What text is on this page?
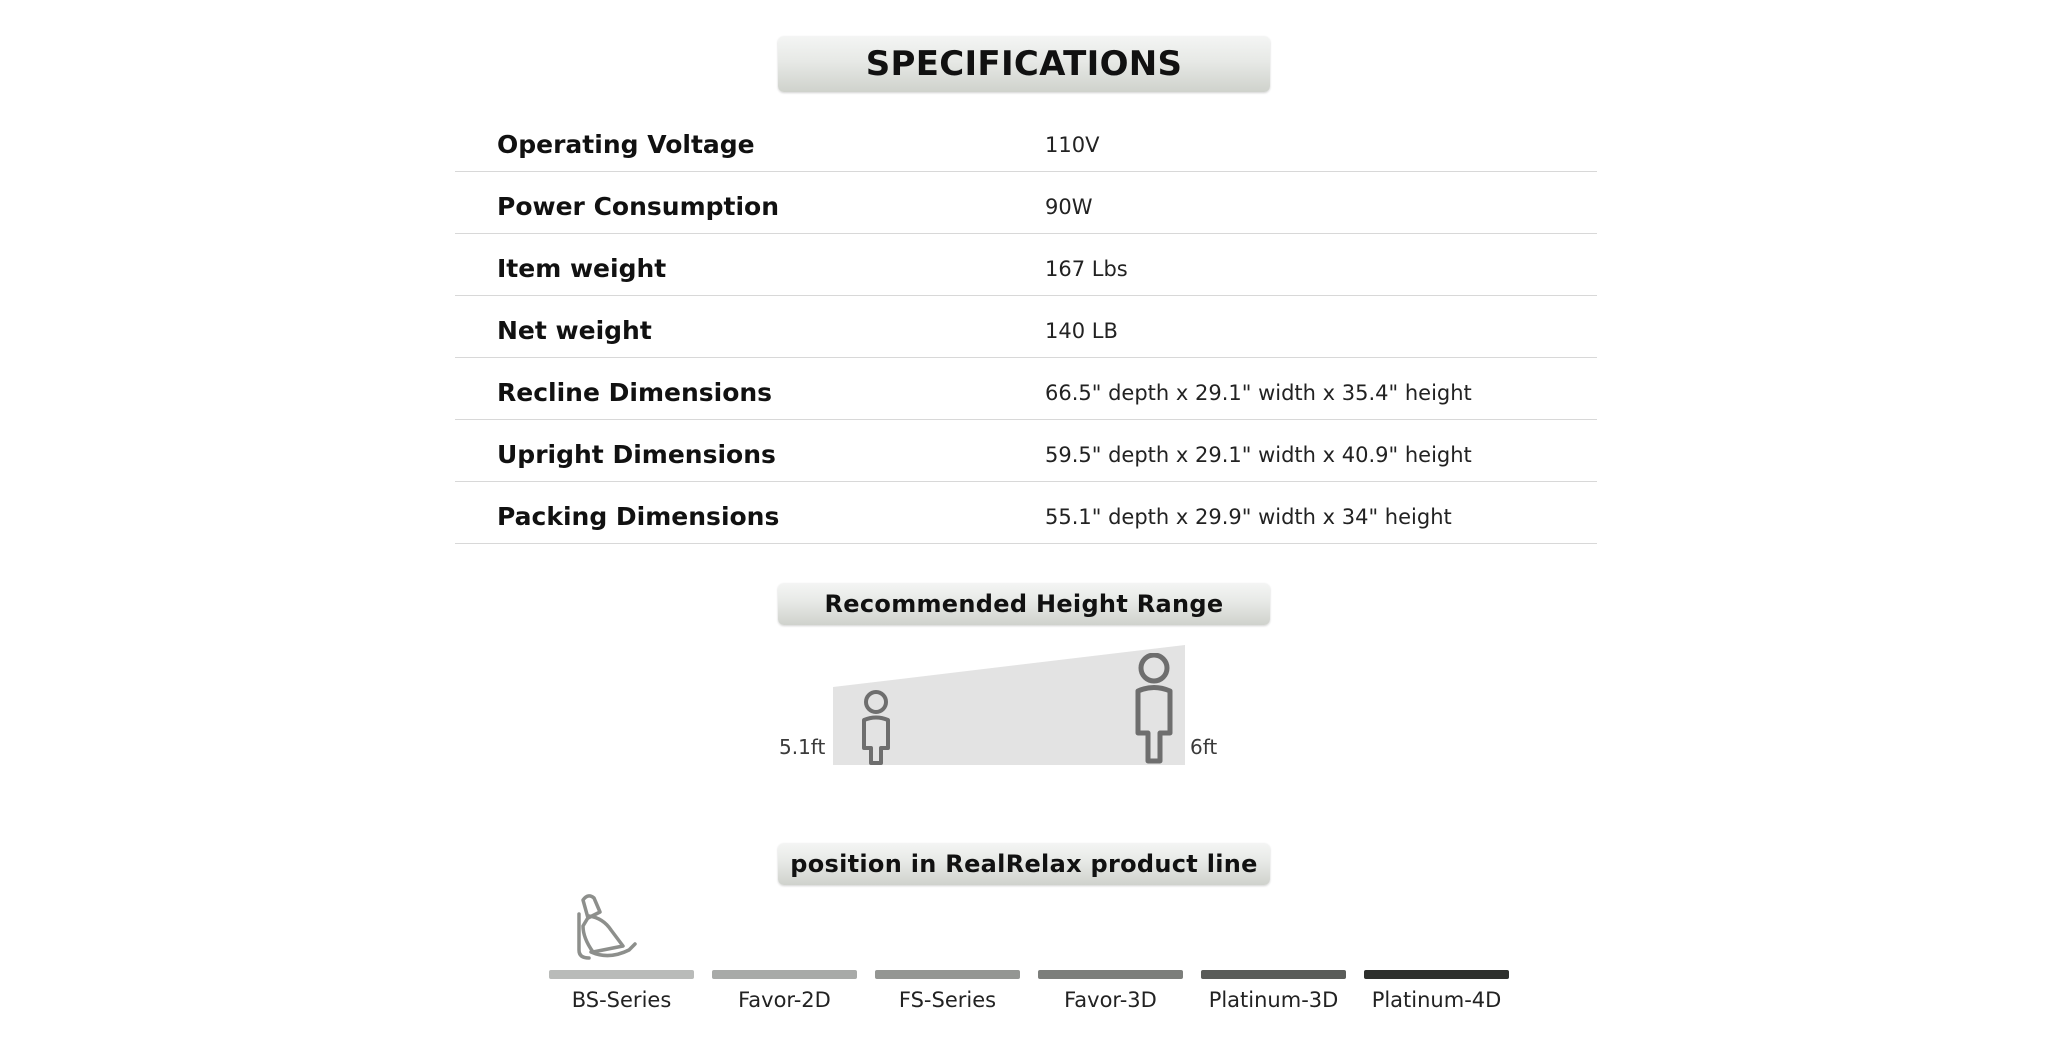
SPECIFICATIONS
Operating Voltage	110V
Power Consumption	90W
Item weight	167 Lbs
Net weight	140 LB
Recline Dimensions	66.5" depth x 29.1" width x 35.4" height
Upright Dimensions	59.5" depth x 29.1" width x 40.9" height
Packing Dimensions	55.1" depth x 29.9" width x 34" height
Recommended Height Range
5.1ft	6ft
position in RealRelax product line
BS-Series	Favor-2D	FS-Series	Favor-3D Platinum-3D Platinum-4D
